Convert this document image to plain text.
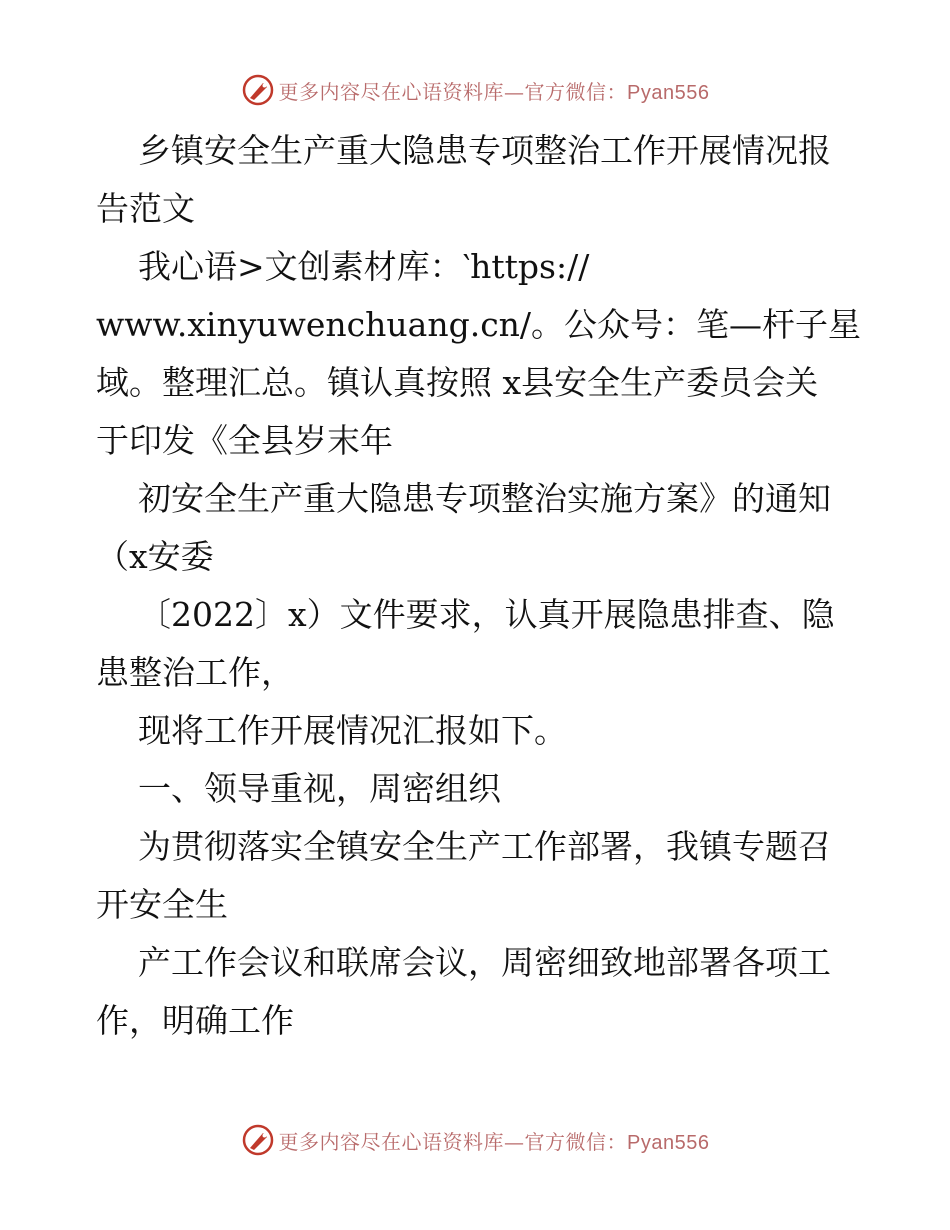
更多内容尽在心语资料库—官方微信：Pyan556
乡镇安全生产重大隐患专项整治工作开展情况报
告范文
我心语>文创素材库：‵https://
www.xinyuwenchuang.cn/。公众号：笔—杆子星
域。整理汇总。镇认真按照 x县安全生产委员会关
于印发《全县岁末年
初安全生产重大隐患专项整治实施方案》的通知
（x安委
〔2022〕x）文件要求，认真开展隐患排查、隐
患整治工作，
现将工作开展情况汇报如下。
一、领导重视，周密组织
为贯彻落实全镇安全生产工作部署，我镇专题召
开安全生
产工作会议和联席会议，周密细致地部署各项工
作，明确工作
更多内容尽在心语资料库—官方微信：Pyan556
